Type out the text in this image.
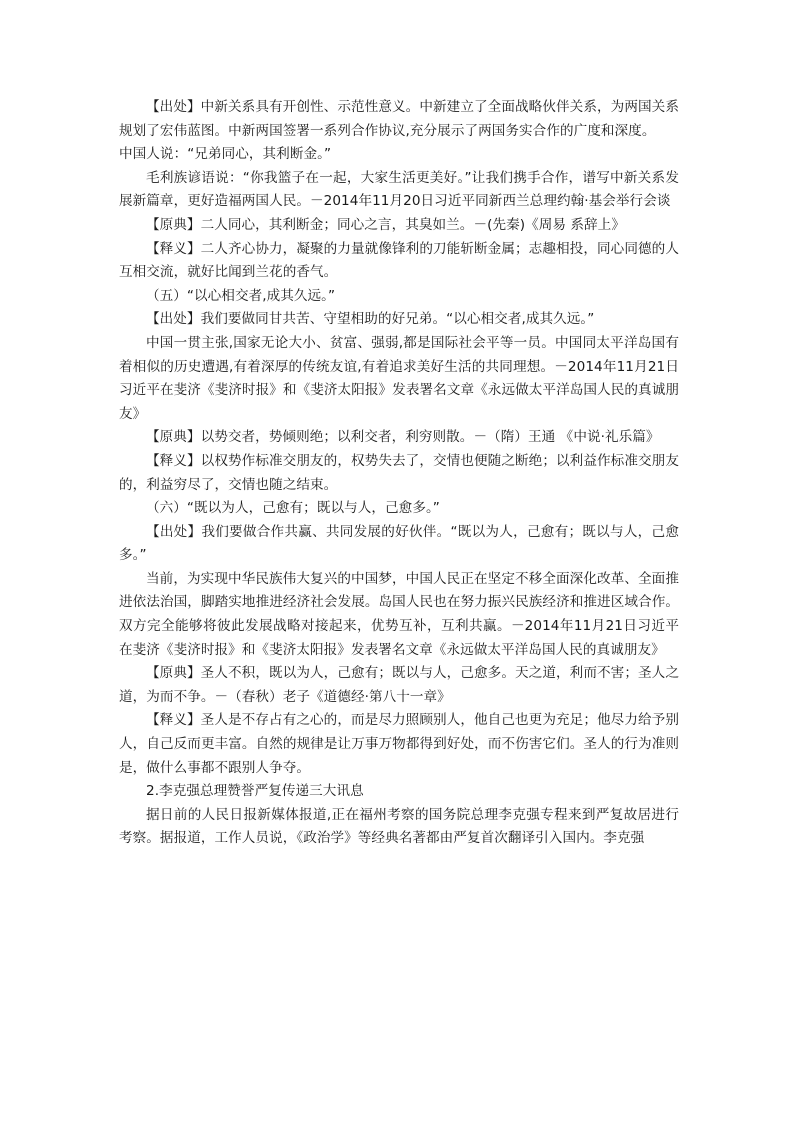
【出处】中新关系具有开创性、示范性意义。中新建立了全面战略伙伴关系，为两国关系规划了宏伟蓝图。中新两国签署一系列合作协议,充分展示了两国务实合作的广度和深度。

中国人说：“兄弟同心，其利断金。”

毛利族谚语说：“你我篮子在一起，大家生活更美好。”让我们携手合作，谱写中新关系发展新篇章，更好造福两国人民。－2014年11月20日习近平同新西兰总理约翰·基会举行会谈

【原典】二人同心，其利断金；同心之言，其臭如兰。－(先秦)《周易 系辞上》

【释义】二人齐心协力，凝聚的力量就像锋利的刀能斩断金属；志趣相投，同心同德的人互相交流，就好比闻到兰花的香气。

（五）“以心相交者,成其久远。”

【出处】我们要做同甘共苦、守望相助的好兄弟。“以心相交者,成其久远。”

中国一贯主张,国家无论大小、贫富、强弱,都是国际社会平等一员。中国同太平洋岛国有着相似的历史遭遇,有着深厚的传统友谊,有着追求美好生活的共同理想。－2014年11月21日习近平在斐济《斐济时报》和《斐济太阳报》发表署名文章《永远做太平洋岛国人民的真诚朋友》

【原典】以势交者，势倾则绝；以利交者，利穷则散。－（隋）王通 《中说·礼乐篇》

【释义】以权势作标准交朋友的，权势失去了，交情也便随之断绝；以利益作标准交朋友的，利益穷尽了，交情也随之结束。

（六）“既以为人，己愈有；既以与人，己愈多。”

【出处】我们要做合作共赢、共同发展的好伙伴。“既以为人，己愈有；既以与人，己愈多。”

当前，为实现中华民族伟大复兴的中国梦，中国人民正在坚定不移全面深化改革、全面推进依法治国，脚踏实地推进经济社会发展。岛国人民也在努力振兴民族经济和推进区域合作。双方完全能够将彼此发展战略对接起来，优势互补，互利共赢。－2014年11月21日习近平在斐济《斐济时报》和《斐济太阳报》发表署名文章《永远做太平洋岛国人民的真诚朋友》

【原典】圣人不积，既以为人，己愈有；既以与人，己愈多。天之道，利而不害；圣人之道，为而不争。－（春秋）老子《道德经·第八十一章》

【释义】圣人是不存占有之心的，而是尽力照顾别人，他自己也更为充足；他尽力给予别人，自己反而更丰富。自然的规律是让万事万物都得到好处，而不伤害它们。圣人的行为准则是，做什么事都不跟别人争夺。

2.李克强总理赞誉严复传递三大讯息

据日前的人民日报新媒体报道,正在福州考察的国务院总理李克强专程来到严复故居进行考察。据报道，工作人员说，《政治学》等经典名著都由严复首次翻译引入国内。李克强
